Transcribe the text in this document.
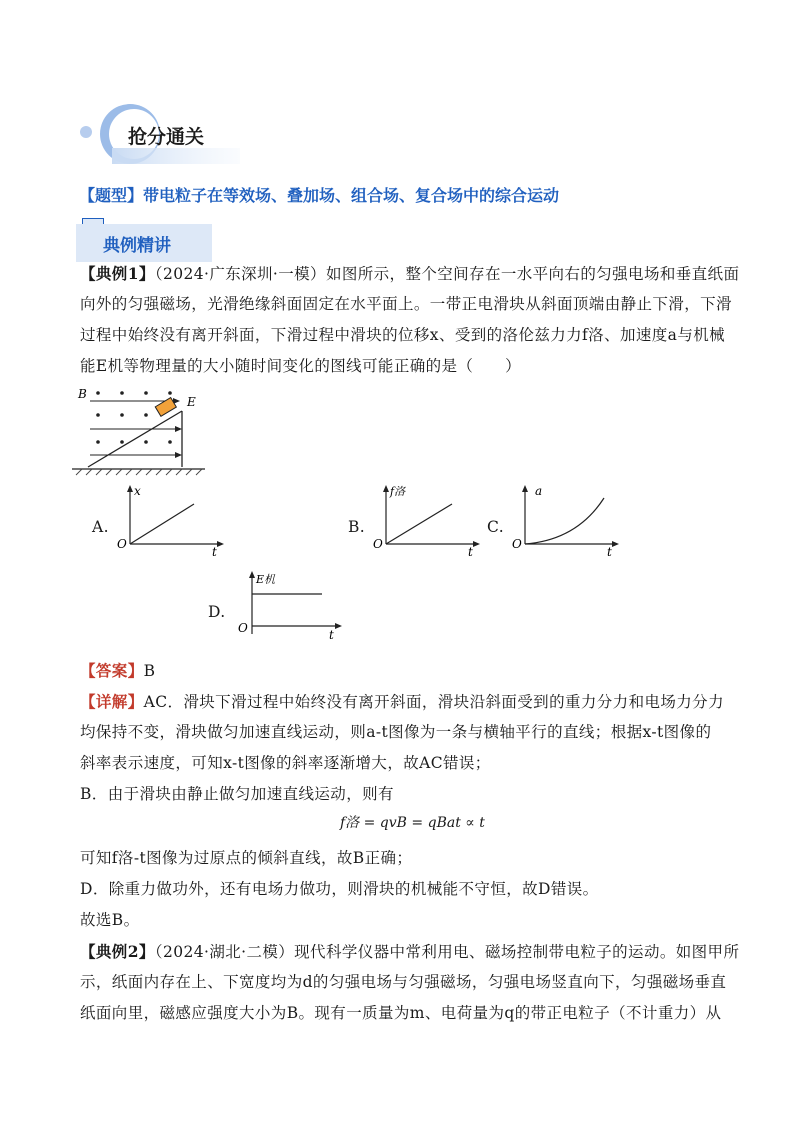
抢分通关
【题型】带电粒子在等效场、叠加场、组合场、复合场中的综合运动
典例精讲
【典例1】（2024·广东深圳·一模）如图所示，整个空间存在一水平向右的匀强电场和垂直纸面
向外的匀强磁场，光滑绝缘斜面固定在水平面上。一带正电滑块从斜面顶端由静止下滑，下滑
过程中始终没有离开斜面，下滑过程中滑块的位移x、受到的洛伦兹力力f洛、加速度a与机械
能E机等物理量的大小随时间变化的图线可能正确的是（　　）
B
E
A.
x
t
O
B.
f洛
t
O
C.
a
t
O
D.
E机
t
O
【答案】B
【详解】AC．滑块下滑过程中始终没有离开斜面，滑块沿斜面受到的重力分力和电场力分力
均保持不变，滑块做匀加速直线运动，则a-t图像为一条与横轴平行的直线；根据x-t图像的
斜率表示速度，可知x-t图像的斜率逐渐增大，故AC错误；
B．由于滑块由静止做匀加速直线运动，则有
f洛 = qvB = qBat ∝ t
可知f洛-t图像为过原点的倾斜直线，故B正确；
D．除重力做功外，还有电场力做功，则滑块的机械能不守恒，故D错误。
故选B。
【典例2】（2024·湖北·二模）现代科学仪器中常利用电、磁场控制带电粒子的运动。如图甲所
示，纸面内存在上、下宽度均为d的匀强电场与匀强磁场，匀强电场竖直向下，匀强磁场垂直
纸面向里，磁感应强度大小为B。现有一质量为m、电荷量为q的带正电粒子（不计重力）从
